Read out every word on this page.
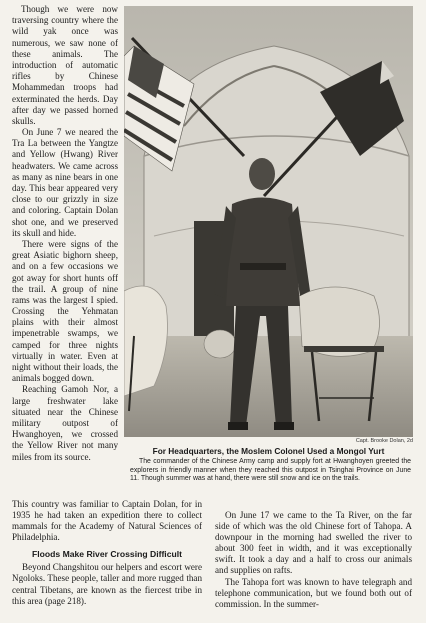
Though we were now traversing country where the wild yak once was numerous, we saw none of these animals. The introduction of automatic rifles by Chinese Mohammedan troops had exterminated the herds. Day after day we passed horned skulls.

On June 7 we neared the Tra La between the Yangtze and Yellow (Hwang) River headwaters. We came across as many as nine bears in one day. This bear appeared very close to our grizzly in size and coloring. Captain Dolan shot one, and we preserved its skull and hide.

There were signs of the great Asiatic bighorn sheep, and on a few occasions we got away for short hunts off the trail. A group of nine rams was the largest I spied. Crossing the Yehmatan plains with their almost impenetrable swamps, we camped for three nights virtually in water. Even at night without their loads, the animals bogged down.

Reaching Gamoh Nor, a large freshwater lake situated near the Chinese military outpost of Hwanghoyen, we crossed the Yellow River not many miles from its source.

Capt. Brooke Dolan, 2d
For Headquarters, the Moslem Colonel Used a Mongol Yurt

The commander of the Chinese Army camp and supply fort at Hwanghoyen greeted the explorers in friendly manner when they reached this outpost in Tsinghai Province on June 11. Though summer was at hand, there were still snow and ice on the trails.

This country was familiar to Captain Dolan, for in 1935 he had taken an expedition there to collect mammals for the Academy of Natural Sciences of Philadelphia.

Floods Make River Crossing Difficult

Beyond Changshitou our helpers and escort were Ngoloks. These people, taller and more rugged than central Tibetans, are known as the fiercest tribe in this area (page 218).

On June 17 we came to the Ta River, on the far side of which was the old Chinese fort of Tahopa. A downpour in the morning had swelled the river to about 300 feet in width, and it was exceptionally swift. It took a day and a half to cross our animals and supplies on rafts.

The Tahopa fort was known to have telegraph and telephone communication, but we found both out of commission. In the summer-
